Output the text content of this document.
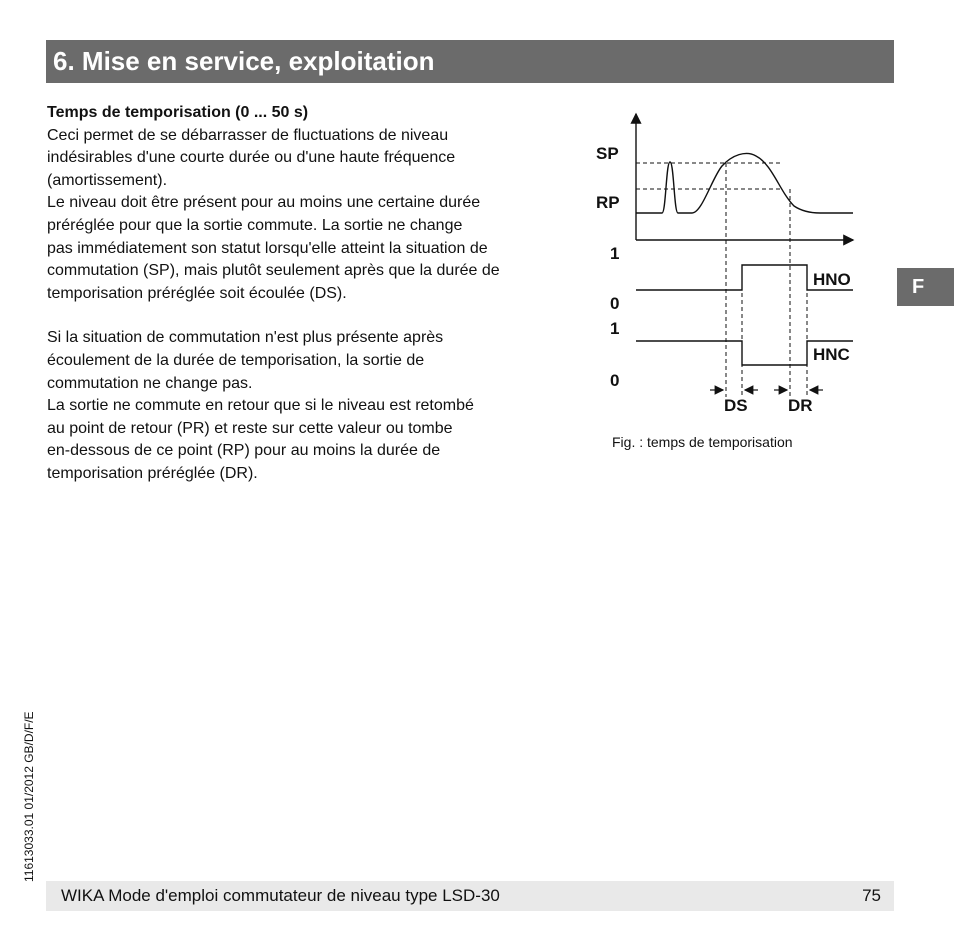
6. Mise en service, exploitation

Temps de temporisation (0 ... 50 s)

Ceci permet de se débarrasser de fluctuations de niveau

indésirables d'une courte durée ou d'une haute fréquence

(amortissement).

Le niveau doit être présent pour au moins une certaine durée

préréglée pour que la sortie commute. La sortie ne change

pas immédiatement son statut lorsqu'elle atteint la situation de

commutation (SP), mais plutôt seulement après que la durée de

temporisation préréglée soit écoulée (DS).

Si la situation de commutation n'est plus présente après

écoulement de la durée de temporisation, la sortie de

commutation ne change pas.

La sortie ne commute en retour que si le niveau est retombé

au point de retour (PR) et reste sur cette valeur ou tombe

en-dessous de ce point (RP) pour au moins la durée de

temporisation préréglée (DR).

SP
RP
1
0
1
0
HNO
HNC
DS DR
Fig. : temps de temporisation
F
11613033.01 01/2012 GB/D/F/E
WIKA Mode d'emploi commutateur de niveau type LSD-30	75
